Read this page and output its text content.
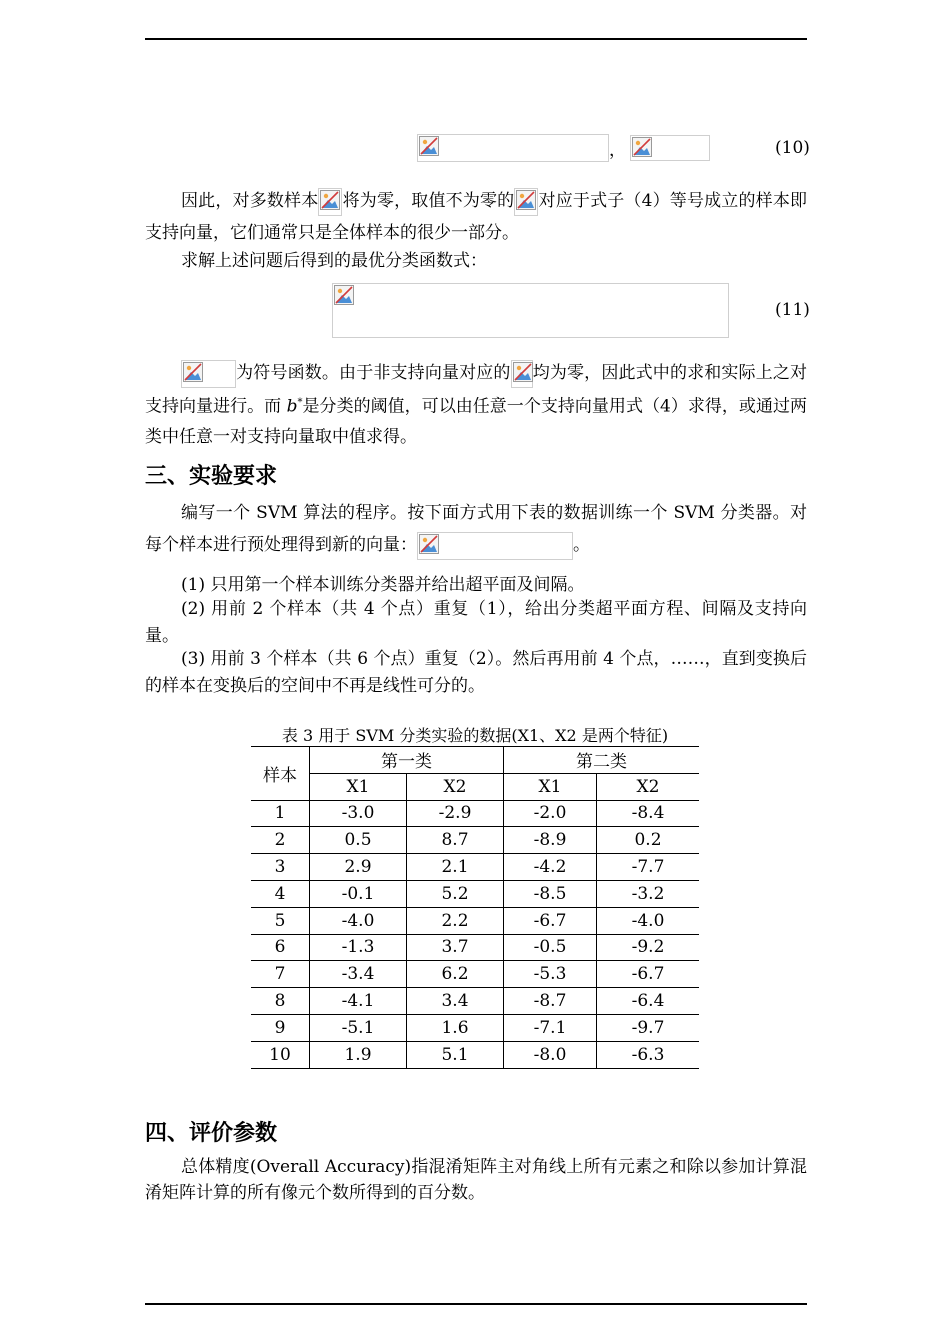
，	(10)
因此，对多数样本 将为零，取值不为零的 对应于式子（4）等号成立的样本即支持向量，它们通常只是全体样本的很少一部分。
求解上述问题后得到的最优分类函数式：
(11)
为符号函数。由于非支持向量对应的 均为零，因此式中的求和实际上之对支持向量进行。而 b*是分类的阈值，可以由任意一个支持向量用式（4）求得，或通过两类中任意一对支持向量取中值求得。
三、实验要求
编写一个 SVM 算法的程序。按下面方式用下表的数据训练一个 SVM 分类器。对每个样本进行预处理得到新的向量：	。
(1) 只用第一个样本训练分类器并给出超平面及间隔。
(2) 用前 2 个样本（共 4 个点）重复（1），给出分类超平面方程、间隔及支持向量。
(3) 用前 3 个样本（共 6 个点）重复（2）。然后再用前 4 个点，……，直到变换后的样本在变换后的空间中不再是线性可分的。
表 3 用于 SVM 分类实验的数据(X1、X2 是两个特征)
样本	第一类		第二类	
	X1	X2	X1	X2
1	-3.0	-2.9	-2.0	-8.4
2	0.5	8.7	-8.9	0.2
3	2.9	2.1	-4.2	-7.7
4	-0.1	5.2	-8.5	-3.2
5	-4.0	2.2	-6.7	-4.0
6	-1.3	3.7	-0.5	-9.2
7	-3.4	6.2	-5.3	-6.7
8	-4.1	3.4	-8.7	-6.4
9	-5.1	1.6	-7.1	-9.7
10	1.9	5.1	-8.0	-6.3
四、评价参数
总体精度(Overall Accuracy)指混淆矩阵主对角线上所有元素之和除以参加计算混淆矩阵计算的所有像元个数所得到的百分数。
